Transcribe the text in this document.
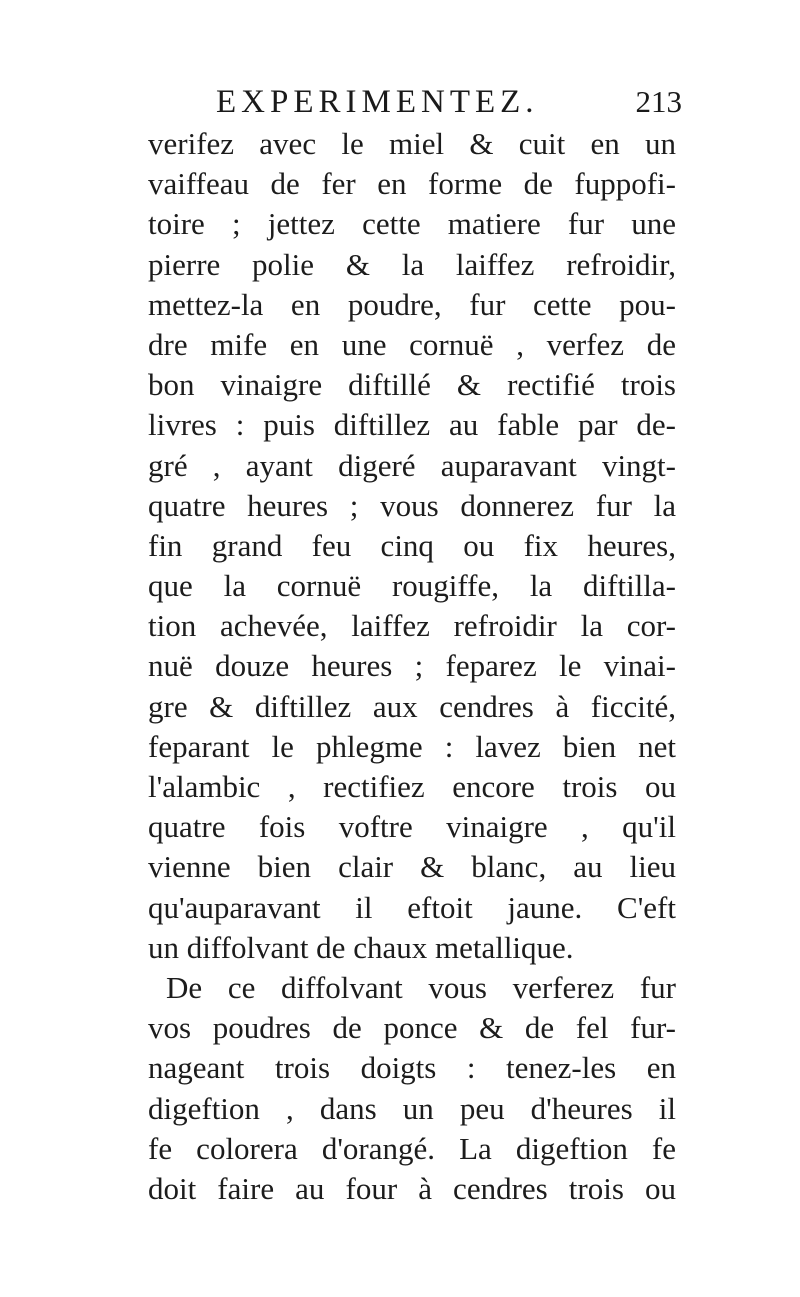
EXPERIMENTEZ.	213
verifez avec le miel & cuit en un
vaiffeau de fer en forme de fuppofi-
toire ; jettez cette matiere fur une
pierre polie & la laiffez refroidir,
mettez-la en poudre, fur cette pou-
dre mife en une cornuë , verfez de
bon vinaigre diftillé & rectifié trois
livres : puis diftillez au fable par de-
gré , ayant digeré auparavant vingt-
quatre heures ; vous donnerez fur la
fin grand feu cinq ou fix heures,
que la cornuë rougiffe, la diftilla-
tion achevée, laiffez refroidir la cor-
nuë douze heures ; feparez le vinai-
gre & diftillez aux cendres à ficcité,
feparant le phlegme : lavez bien net
l'alambic , rectifiez encore trois ou
quatre fois voftre vinaigre , qu'il
vienne bien clair & blanc, au lieu
qu'auparavant il eftoit jaune. C'eft
un diffolvant de chaux metallique.
De ce diffolvant vous verferez fur
vos poudres de ponce & de fel fur-
nageant trois doigts : tenez-les en
digeftion , dans un peu d'heures il
fe colorera d'orangé. La digeftion fe
doit faire au four à cendres trois ou
